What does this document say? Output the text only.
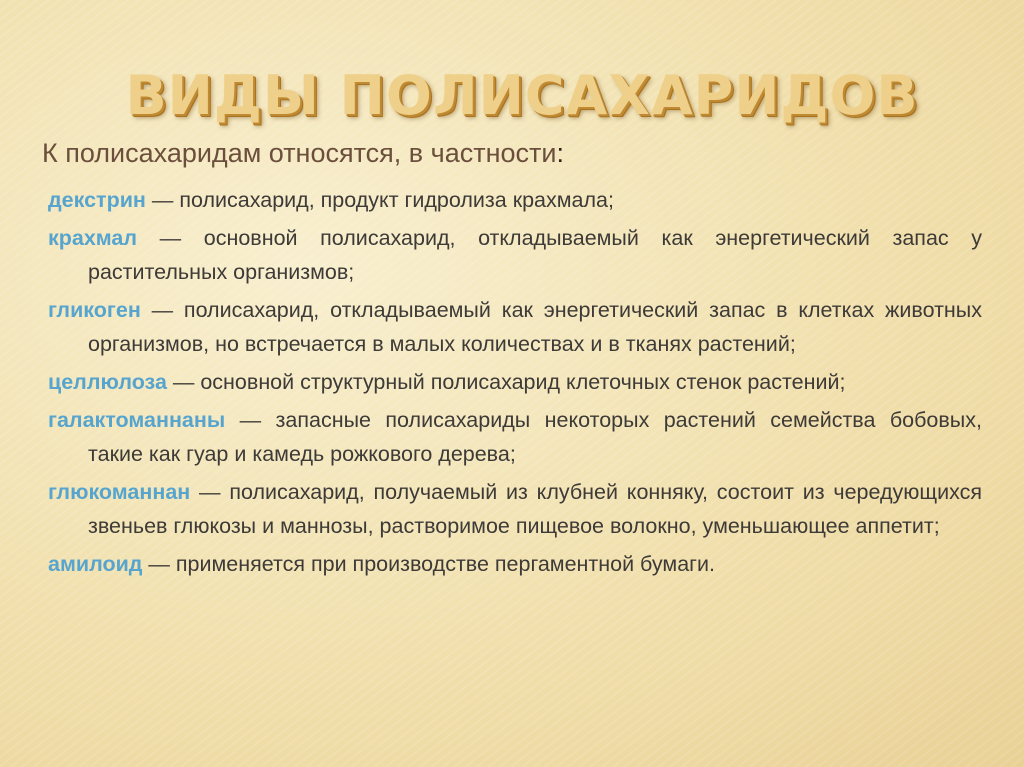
ВИДЫ ПОЛИСАХАРИДОВ

К полисахаридам относятся, в частности:

декстрин — полисахарид, продукт гидролиза крахмала;
крахмал — основной полисахарид, откладываемый как энергетический запас у растительных организмов;
гликоген — полисахарид, откладываемый как энергетический запас в клетках животных организмов, но встречается в малых количествах и в тканях растений;
целлюлоза — основной структурный полисахарид клеточных стенок растений;
галактоманнаны — запасные полисахариды некоторых растений семейства бобовых, такие как гуар и камедь рожкового дерева;
глюкоманнан — полисахарид, получаемый из клубней конняку, состоит из чередующихся звеньев глюкозы и маннозы, растворимое пищевое волокно, уменьшающее аппетит;
амилоид — применяется при производстве пергаментной бумаги.
